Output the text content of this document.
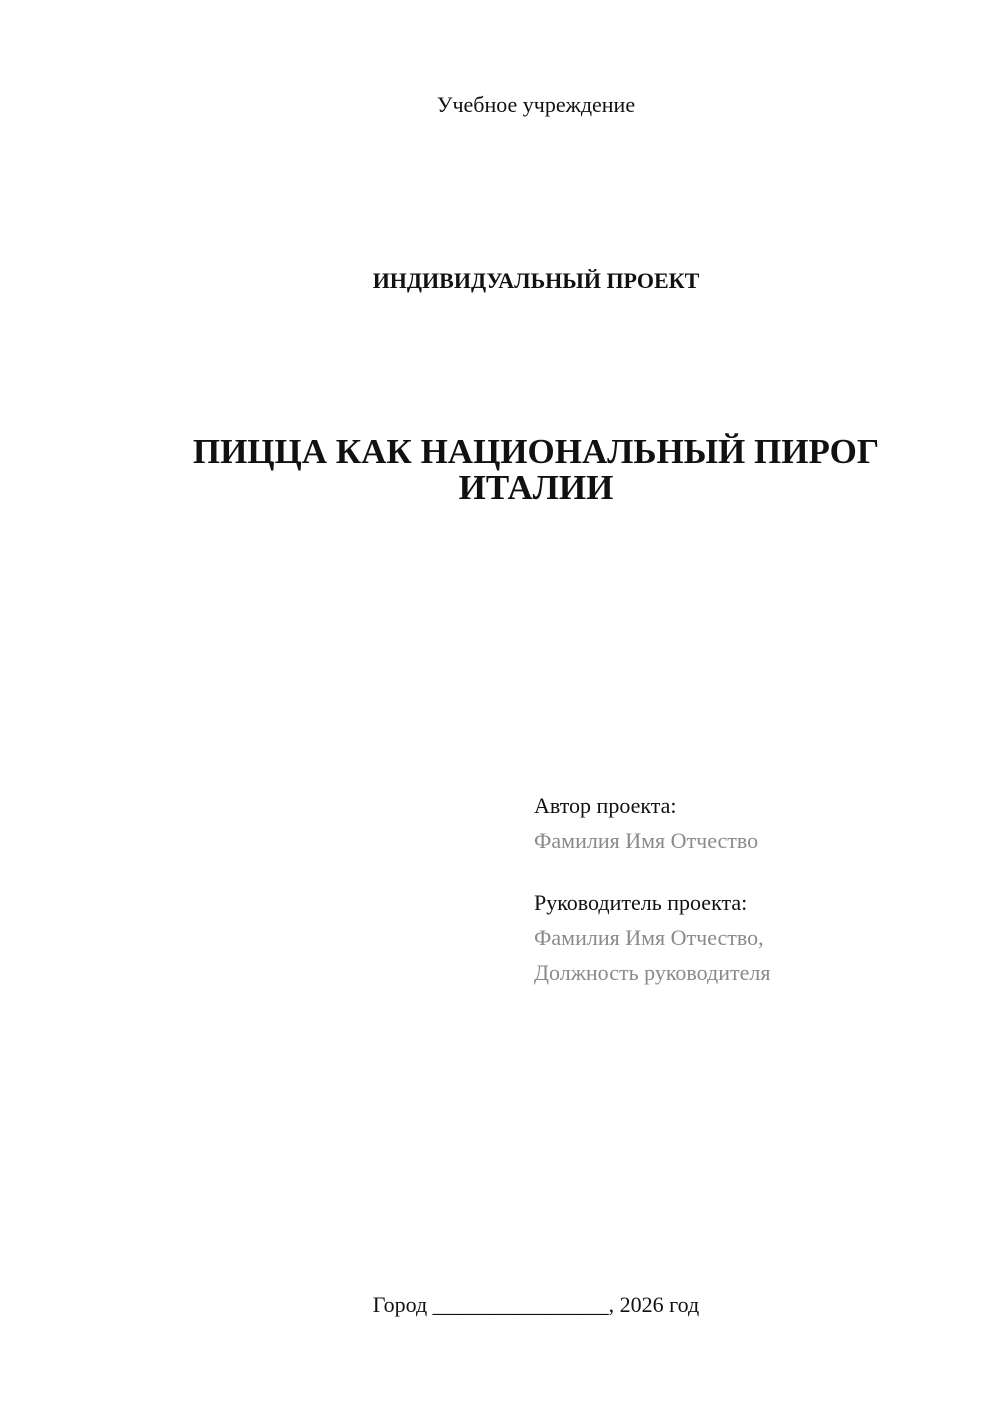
Учебное учреждение
ИНДИВИДУАЛЬНЫЙ ПРОЕКТ
ПИЦЦА КАК НАЦИОНАЛЬНЫЙ ПИРОГ
ИТАЛИИ
Автор проекта:
Фамилия Имя Отчество
Руководитель проекта:
Фамилия Имя Отчество,
Должность руководителя
Город ________________, 2026 год
